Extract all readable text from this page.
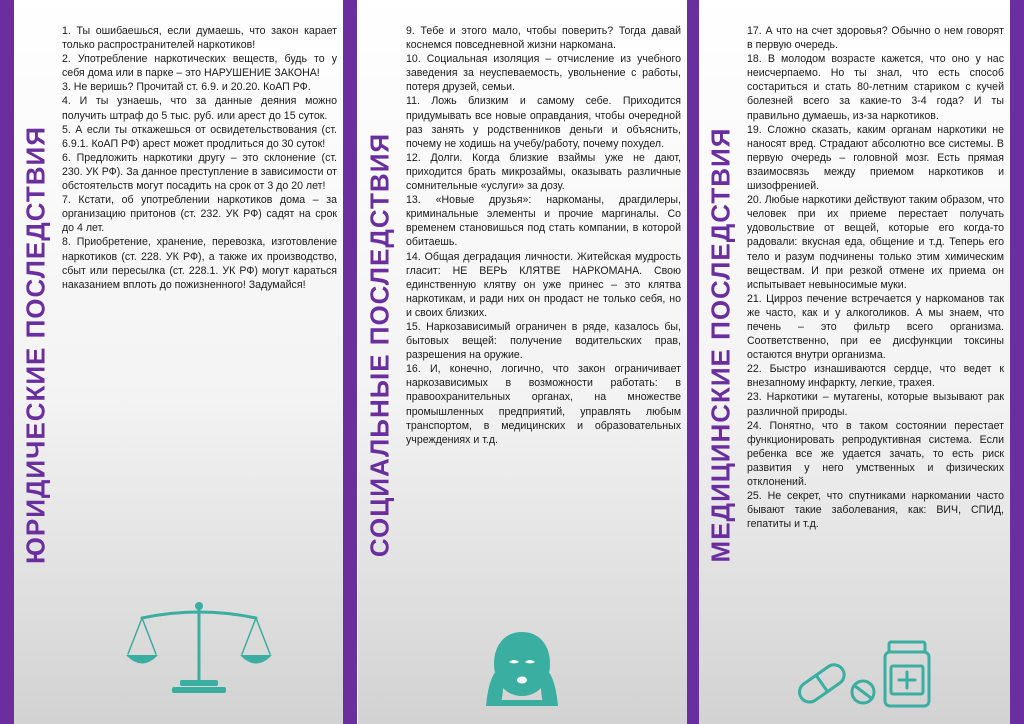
ЮРИДИЧЕСКИЕ ПОСЛЕДСТВИЯ

1. Ты ошибаешься, если думаешь, что закон карает только распространителей наркотиков!

2. Употребление наркотических веществ, будь то у себя дома или в парке – это НАРУШЕНИЕ ЗАКОНА!

3. Не веришь? Прочитай ст. 6.9. и 20.20. КоАП РФ.

4. И ты узнаешь, что за данные деяния можно получить штраф до 5 тыс. руб. или арест до 15 суток.

5. А если ты откажешься от освидетельствования (ст. 6.9.1. КоАП РФ) арест может продлиться до 30 суток!

6. Предложить наркотики другу – это склонение (ст. 230. УК РФ). За данное преступление в зависимости от обстоятельств могут посадить на срок от 3 до 20 лет!

7. Кстати, об употреблении наркотиков дома – за организацию притонов (ст. 232. УК РФ) садят на срок до 4 лет.

8. Приобретение, хранение, перевозка, изготовление наркотиков (ст. 228. УК РФ), а также их производство, сбыт или пересылка (ст. 228.1. УК РФ) могут караться наказанием вплоть до пожизненного! Задумайся!	СОЦИАЛЬНЫЕ ПОСЛЕДСТВИЯ

9. Тебе и этого мало, чтобы поверить? Тогда давай коснемся повседневной жизни наркомана.

10. Социальная изоляция – отчисление из учебного заведения за неуспеваемость, увольнение с работы, потеря друзей, семьи.

11. Ложь близким и самому себе. Приходится придумывать все новые оправдания, чтобы очередной раз занять у родственников деньги и объяснить, почему не ходишь на учебу/работу, почему похудел.

12. Долги. Когда близкие взаймы уже не дают, приходится брать микрозаймы, оказывать различные сомнительные «услуги» за дозу.

13. «Новые друзья»: наркоманы, драгдилеры, криминальные элементы и прочие маргиналы. Со временем становишься под стать компании, в которой обитаешь.

14. Общая деградация личности. Житейская мудрость гласит: НЕ ВЕРЬ КЛЯТВЕ НАРКОМАНА. Свою единственную клятву он уже принес – это клятва наркотикам, и ради них он продаст не только себя, но и своих близких.

15. Наркозависимый ограничен в ряде, казалось бы, бытовых вещей: получение водительских прав, разрешения на оружие.

16. И, конечно, логично, что закон ограничивает наркозависимых в возможности работать: в правоохранительных органах, на множестве промышленных предприятий, управлять любым транспортом, в медицинских и образовательных учреждениях и т.д.	МЕДИЦИНСКИЕ ПОСЛЕДСТВИЯ

17. А что на счет здоровья? Обычно о нем говорят в первую очередь.

18. В молодом возрасте кажется, что оно у нас неисчерпаемо. Но ты знал, что есть способ состариться и стать 80-летним стариком с кучей болезней всего за какие-то 3-4 года? И ты правильно думаешь, из-за наркотиков.

19. Сложно сказать, каким органам наркотики не наносят вред. Страдают абсолютно все системы. В первую очередь – головной мозг. Есть прямая взаимосвязь между приемом наркотиков и шизофренией.

20. Любые наркотики действуют таким образом, что человек при их приеме перестает получать удовольствие от вещей, которые его когда-то радовали: вкусная еда, общение и т.д. Теперь его тело и разум подчинены только этим химическим веществам. И при резкой отмене их приема он испытывает невыносимые муки.

21. Цирроз печение встречается у наркоманов так же часто, как и у алкоголиков. А мы знаем, что печень – это фильтр всего организма. Соответственно, при ее дисфункции токсины остаются внутри организма.

22. Быстро изнашиваются сердце, что ведет к внезапному инфаркту, легкие, трахея.

23. Наркотики – мутагены, которые вызывают рак различной природы.

24. Понятно, что в таком состоянии перестает функционировать репродуктивная система. Если ребенка все же удается зачать, то есть риск развития у него умственных и физических отклонений.

25. Не секрет, что спутниками наркомании часто бывают такие заболевания, как: ВИЧ, СПИД, гепатиты и т.д.
